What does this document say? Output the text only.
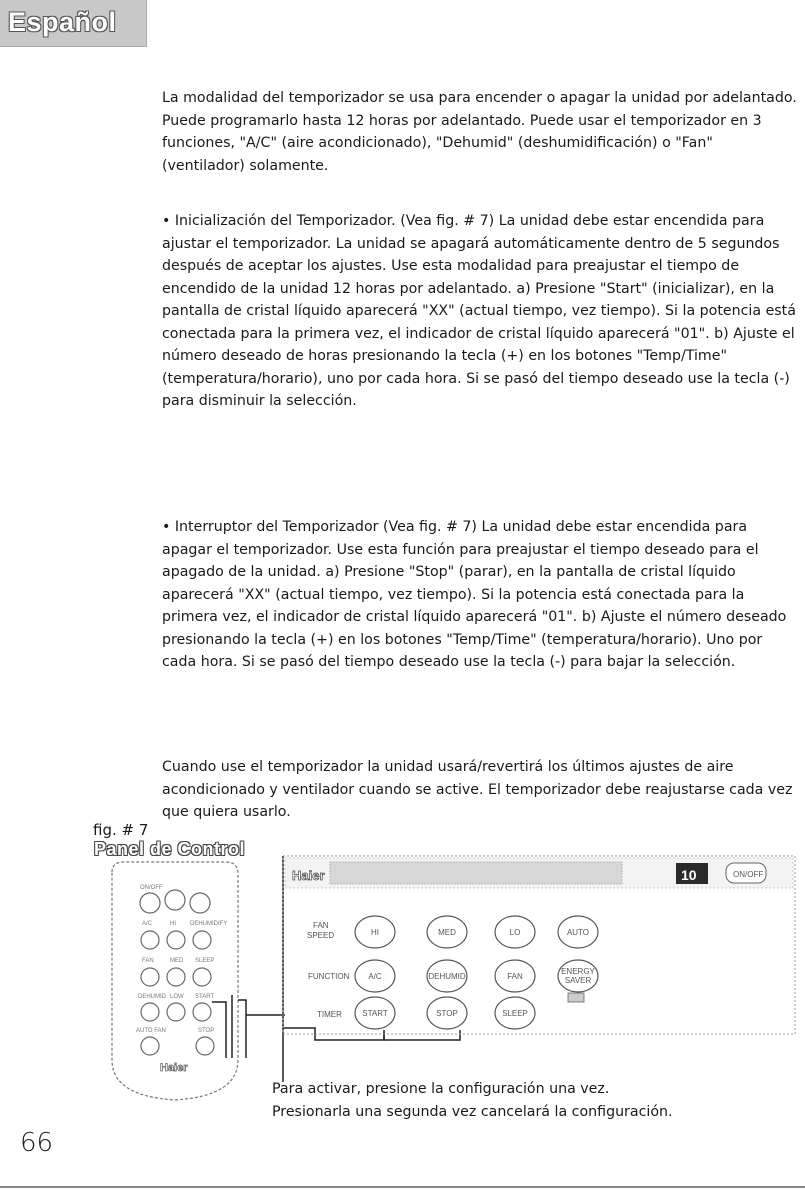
Español

La modalidad del temporizador se usa para encender o apagar la unidad por adelantado. Puede programarlo hasta 12 horas por adelantado. Puede usar el temporizador en 3 funciones, "A/C" (aire acondicionado), "Dehumid" (deshumidificación) o "Fan" (ventilador) solamente.

• Inicialización del Temporizador. (Vea fig. # 7) La unidad debe estar encendida para ajustar el temporizador. La unidad se apagará automáticamente dentro de 5 segundos después de aceptar los ajustes. Use esta modalidad para preajustar el tiempo de encendido de la unidad 12 horas por adelantado. a) Presione "Start" (inicializar), en la pantalla de cristal líquido aparecerá "XX" (actual tiempo, vez tiempo). Si la potencia está conectada para la primera vez, el indicador de cristal líquido aparecerá "01". b) Ajuste el número deseado de horas presionando la tecla (+) en los botones "Temp/Time" (temperatura/horario), uno por cada hora. Si se pasó del tiempo deseado use la tecla (-) para disminuir la selección.

• Interruptor del Temporizador (Vea fig. # 7) La unidad debe estar encendida para apagar el temporizador. Use esta función para preajustar el tiempo deseado para el apagado de la unidad. a) Presione "Stop" (parar), en la pantalla de cristal líquido aparecerá "XX" (actual tiempo, vez tiempo). Si la potencia está conectada para la primera vez, el indicador de cristal líquido aparecerá "01". b) Ajuste el número deseado presionando la tecla (+) en los botones "Temp/Time" (temperatura/horario). Uno por cada hora. Si se pasó del tiempo deseado use la tecla (-) para bajar la selección.

Cuando use el temporizador la unidad usará/revertirá los últimos ajustes de aire acondicionado y ventilador cuando se active. El temporizador debe reajustarse cada vez que quiera usarlo.

fig. # 7
Panel de Control
ON/OFF
A/C	HI DEHUMIDIFY
FAN	MED SLEEP
DEHUMID LOW START
AUTO FAN	STOP
Haier
Haier	10	ON/OFF
FAN
SPEED	HI	MED	LO	AUTO
FUNCTION A/C	DEHUMID	FAN
ENERGY
SAVER
TIMER	START	STOP	SLEEP
Para activar, presione la configuración una vez.
Presionarla una segunda vez cancelará la configuración.
66
